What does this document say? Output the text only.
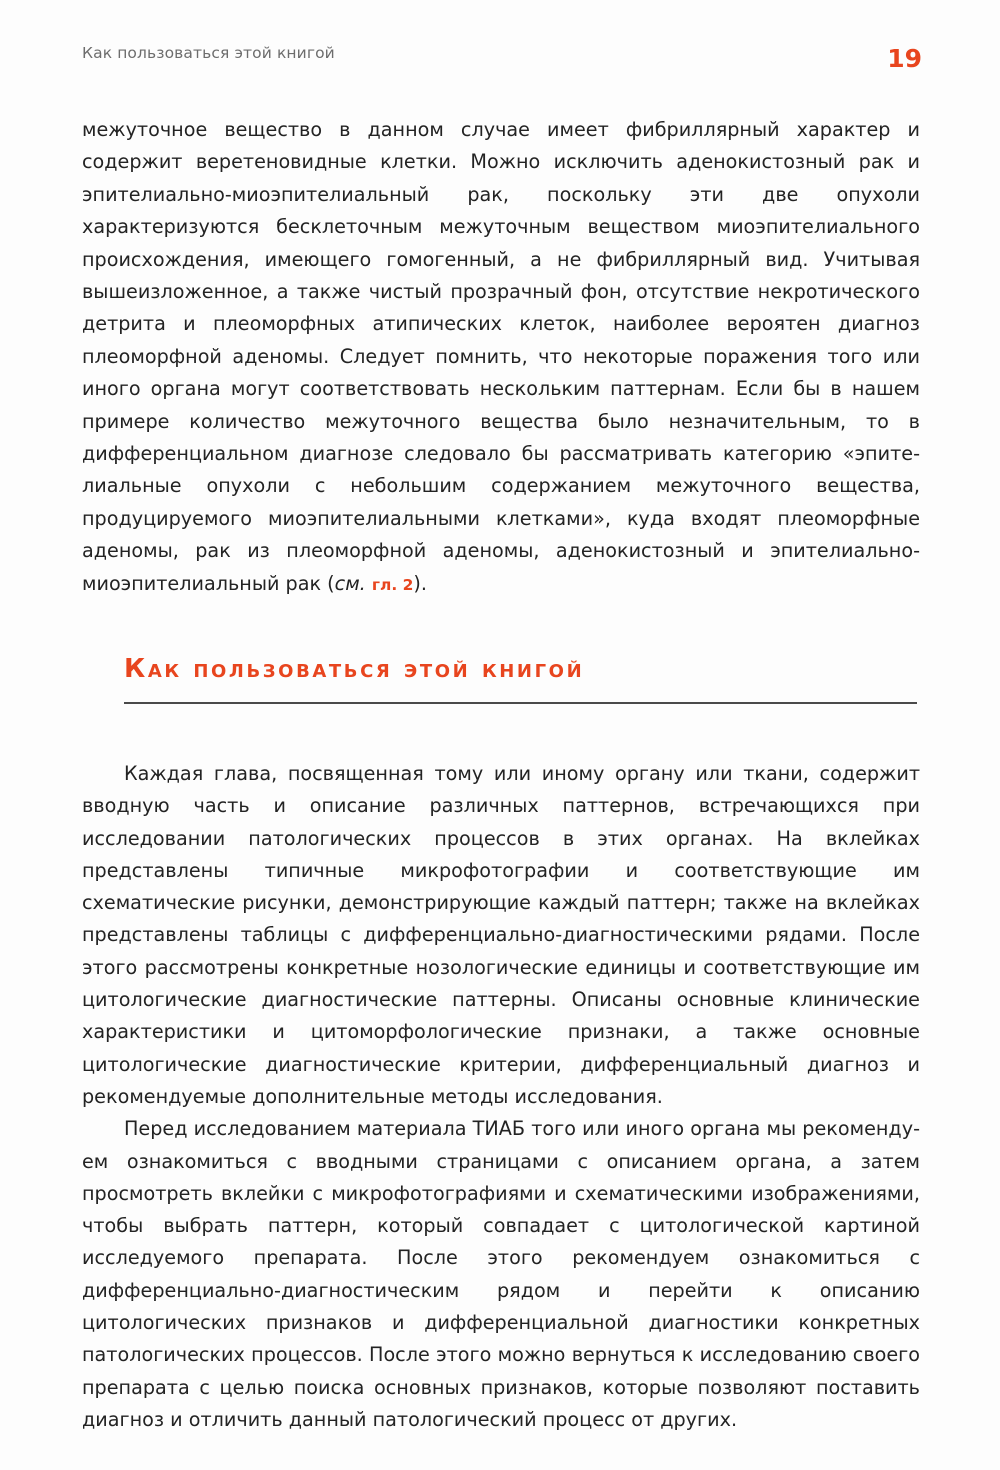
Как пользоваться этой книгой	19

межуточное вещество в данном случае имеет фибриллярный характер и содержит веретеновидные клетки. Можно исключить аденокистозный рак и эпителиально-миоэпителиальный рак, поскольку эти две опухоли характеризуются бесклеточным межуточным веществом миоэпителиального происхождения, имеющего гомогенный, а не фибриллярный вид. Учитывая вышеизложенное, а также чистый прозрачный фон, отсутствие некротического детрита и плеоморфных атипических клеток, наиболее вероятен диагноз плеоморфной аденомы. Следует помнить, что некоторые поражения того или иного органа могут соответствовать нескольким паттернам. Если бы в нашем примере количество межуточного вещества было незначительным, то в дифференциальном диагнозе следовало бы рассматривать категорию «эпителиальные опухоли с небольшим содержанием межуточного вещества, продуцируемого миоэпителиальными клетками», куда входят плеоморфные аденомы, рак из плеоморфной аденомы, аденокистозный и эпителиально-миоэпителиальный рак (см. гл. 2).

Как пользоваться этой книгой

Каждая глава, посвященная тому или иному органу или ткани, содержит вводную часть и описание различных паттернов, встречающихся при исследовании патологических процессов в этих органах. На вклейках представлены типичные микрофотографии и соответствующие им схематические рисунки, демонстрирующие каждый паттерн; также на вклейках представлены таблицы с дифференциально-диагностическими рядами. После этого рассмотрены конкретные нозологические единицы и соответствующие им цитологические диагностические паттерны. Описаны основные клинические характеристики и цитоморфологические признаки, а также основные цитологические диагностические критерии, дифференциальный диагноз и рекомендуемые дополнительные методы исследования.

Перед исследованием материала ТИАБ того или иного органа мы рекомендуем ознакомиться с вводными страницами с описанием органа, а затем просмотреть вклейки с микрофотографиями и схематическими изображениями, чтобы выбрать паттерн, который совпадает с цитологической картиной исследуемого препарата. После этого рекомендуем ознакомиться с дифференциально-диагностическим рядом и перейти к описанию цитологических признаков и дифференциальной диагностики конкретных патологических процессов. После этого можно вернуться к исследованию своего препарата с целью поиска основных признаков, которые позволяют поставить диагноз и отличить данный патологический процесс от других.
